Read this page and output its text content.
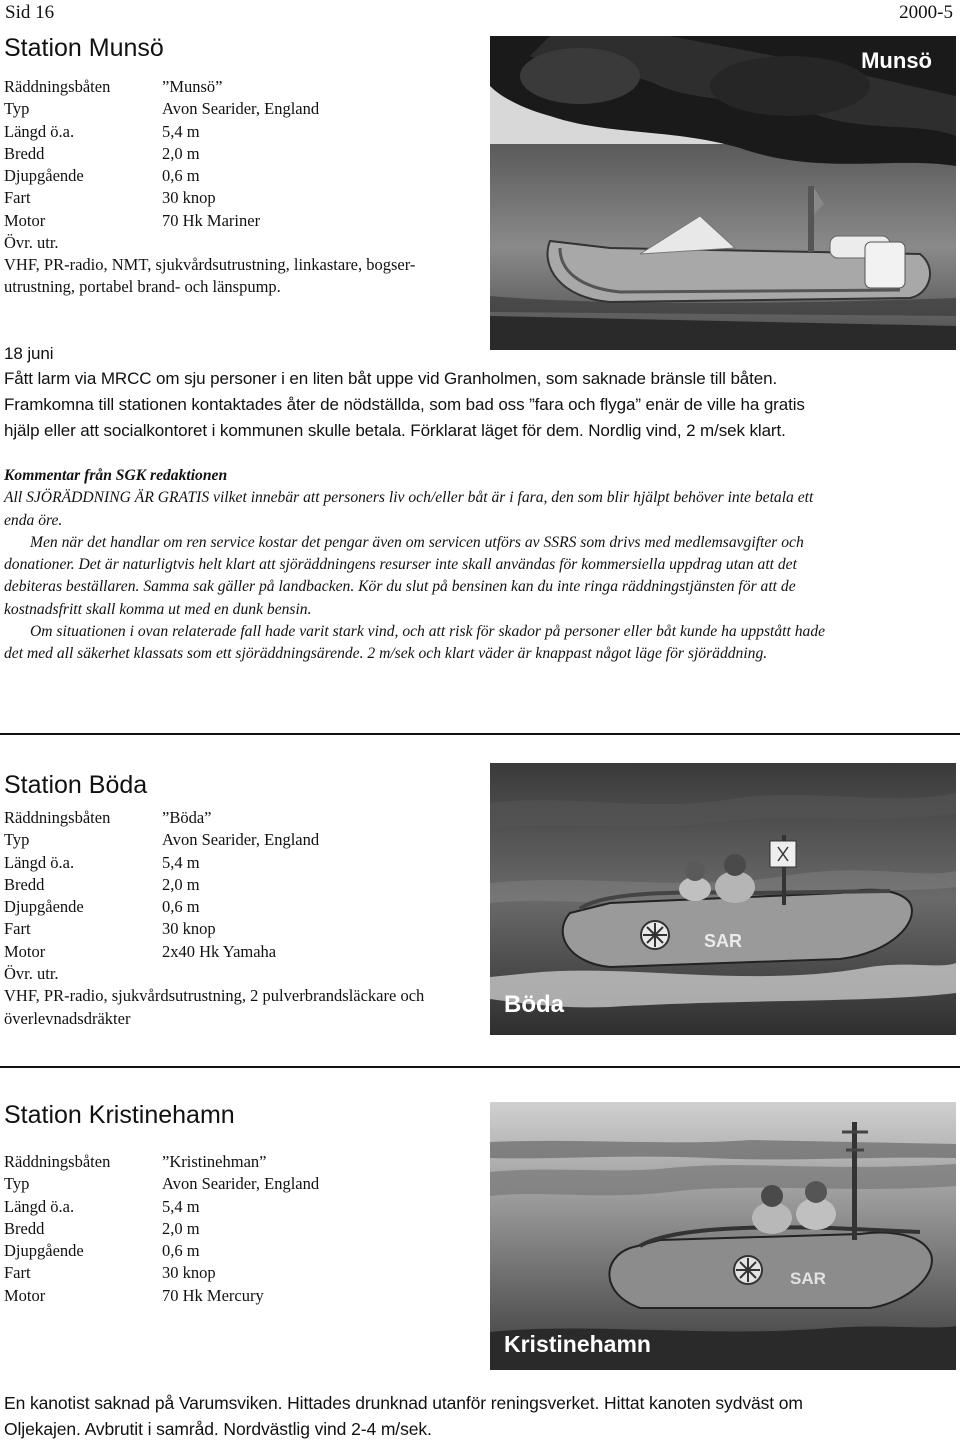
Sid 16	2000-5
Station Munsö
Räddningsbåten	”Munsö”
Typ	Avon Searider, England
Längd ö.a.	5,4 m
Bredd	2,0 m
Djupgående	0,6 m
Fart	30 knop
Motor	70 Hk Mariner
Övr. utr.
VHF, PR-radio, NMT, sjukvårdsutrustning, linkastare, bogser-
utrustning, portabel brand- och länspump.
Munsö
18 juni
Fått larm via MRCC om sju personer i en liten båt uppe vid Granholmen, som saknade bränsle till båten.
Framkomna till stationen kontaktades åter de nödställda, som bad oss ”fara och flyga” enär de ville ha gratis
hjälp eller att socialkontoret i kommunen skulle betala. Förklarat läget för dem. Nordlig vind, 2 m/sek klart.

Kommentar från SGK redaktionen

All SJÖRÄDDNING ÄR GRATIS vilket innebär att personers liv och/eller båt är i fara, den som blir hjälpt behöver inte betala ett

enda öre.

Men när det handlar om ren service kostar det pengar även om servicen utförs av SSRS som drivs med medlemsavgifter och

donationer. Det är naturligtvis helt klart att sjöräddningens resurser inte skall användas för kommersiella uppdrag utan att det

debiteras beställaren. Samma sak gäller på landbacken. Kör du slut på bensinen kan du inte ringa räddningstjänsten för att de

kostnadsfritt skall komma ut med en dunk bensin.

Om situationen i ovan relaterade fall hade varit stark vind, och att risk för skador på personer eller båt kunde ha uppstått hade

det med all säkerhet klassats som ett sjöräddningsärende. 2 m/sek och klart väder är knappast något läge för sjöräddning.

Station Böda
Räddningsbåten	”Böda”
Typ	Avon Searider, England
Längd ö.a.	5,4 m
Bredd	2,0 m
Djupgående	0,6 m
Fart	30 knop
Motor	2x40 Hk Yamaha
Övr. utr.
VHF, PR-radio, sjukvårdsutrustning, 2 pulverbrandsläckare och
överlevnadsdräkter
SAR
Böda
Station Kristinehamn
Räddningsbåten	”Kristinehman”
Typ	Avon Searider, England
Längd ö.a.	5,4 m
Bredd	2,0 m
Djupgående	0,6 m
Fart	30 knop
Motor	70 Hk Mercury
SAR
Kristinehamn
En kanotist saknad på Varumsviken. Hittades drunknad utanför reningsverket. Hittat kanoten sydväst om
Oljekajen. Avbrutit i samråd. Nordvästlig vind 2-4 m/sek.
